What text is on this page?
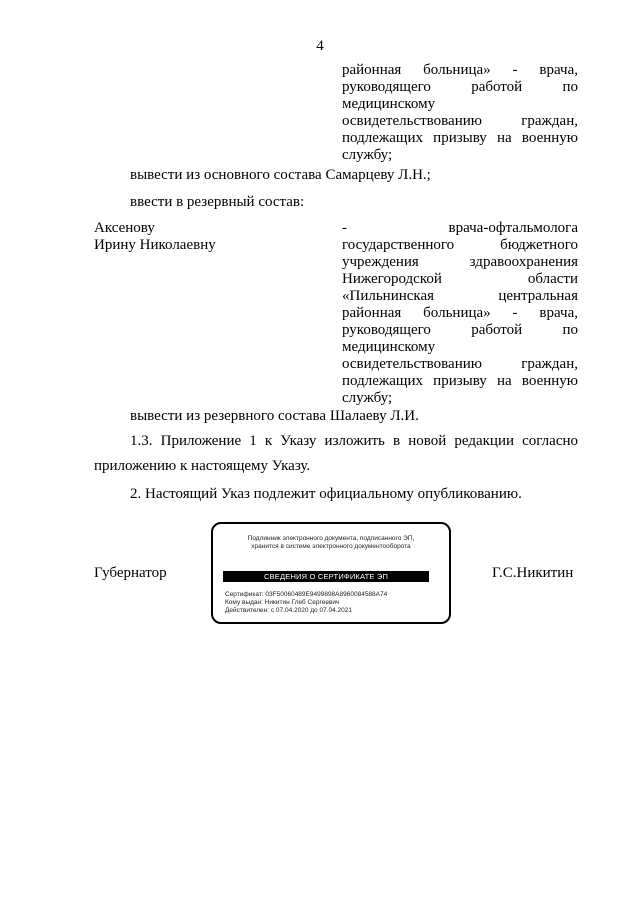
4
районная больница» - врача,
руководящего работой по
медицинскому
освидетельствованию граждан,
подлежащих призыву на военную
службу;
вывести из основного состава Самарцеву Л.Н.;
ввести в резервный состав:
Аксенову
Ирину Николаевну
- врача-офтальмолога
государственного бюджетного
учреждения здравоохранения
Нижегородской области
«Пильнинская центральная
районная больница» - врача,
руководящего работой по
медицинскому
освидетельствованию граждан,
подлежащих призыву на военную
службу;
вывести из резервного состава Шалаеву Л.И.
1.3. Приложение 1 к Указу изложить в новой редакции согласно
приложению к настоящему Указу.
2. Настоящий Указ подлежит официальному опубликованию.
Губернатор	Г.С.Никитин
Подлинник электронного документа, подписанного ЭП,
хранится в системе электронного документооборота
СВЕДЕНИЯ О СЕРТИФИКАТЕ ЭП
Сертификат: 03F50060489E9499898A8960084588A74
Кому выдан: Никитин Глеб Сергеевич
Действителен: с 07.04.2020 до 07.04.2021
